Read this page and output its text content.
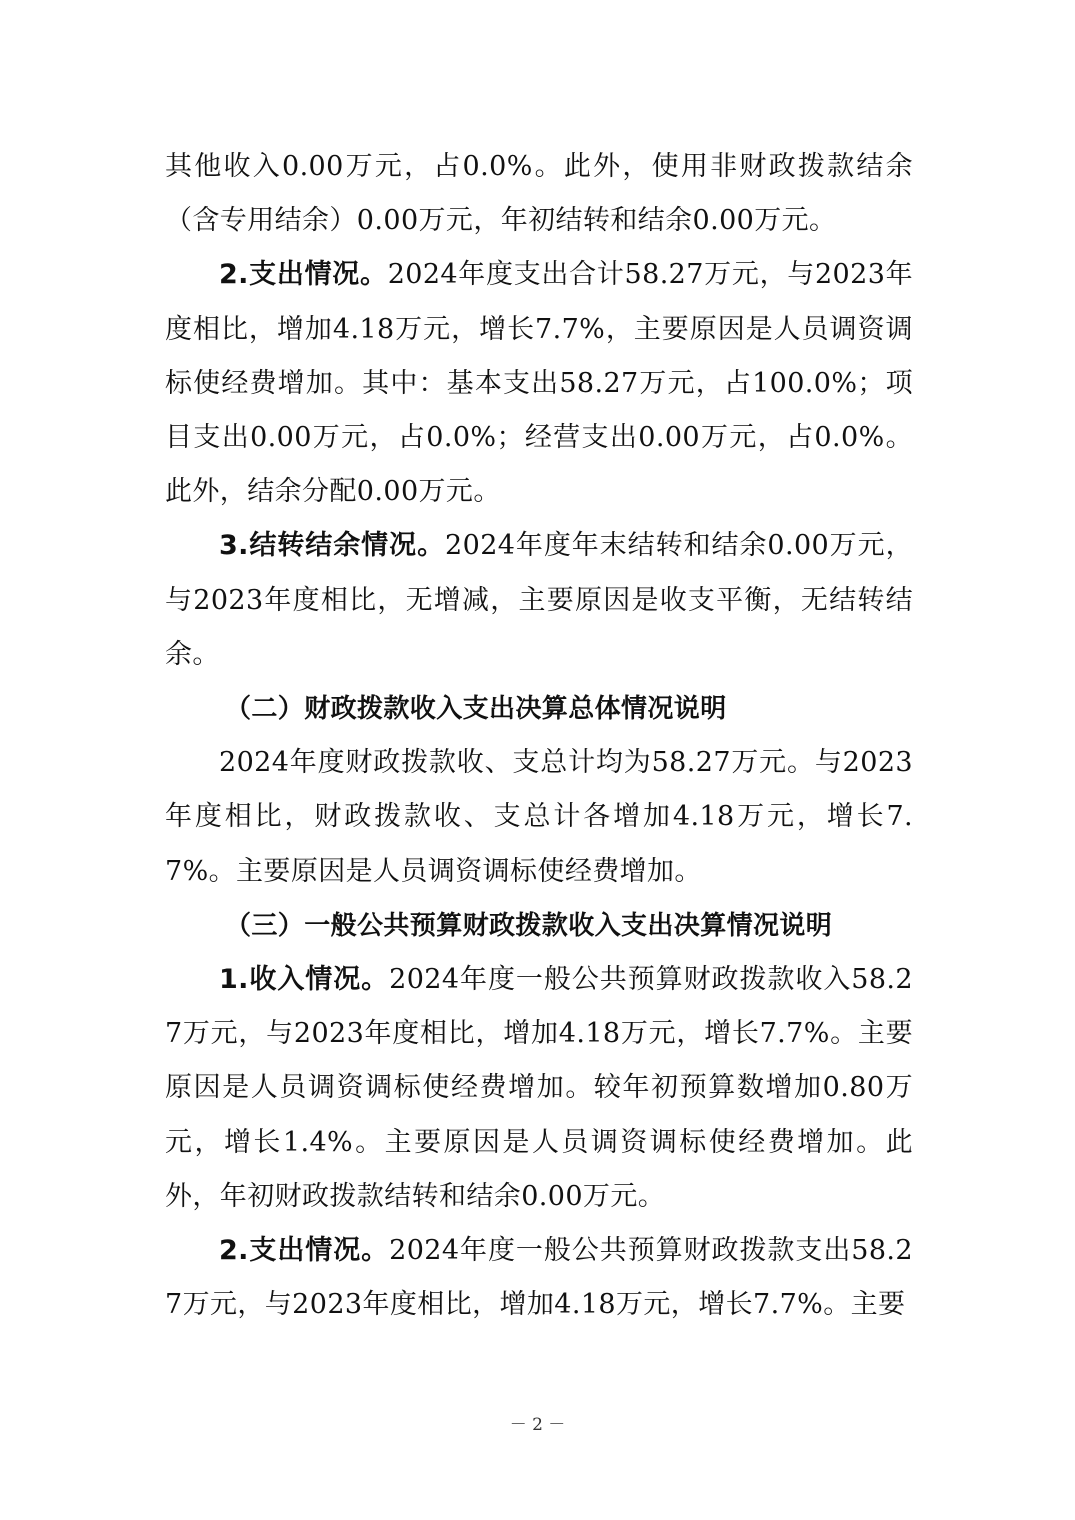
其他收入0.00万元，占0.0%。此外，使用非财政拨款结余（含专用结余）0.00万元，年初结转和结余0.00万元。

2.支出情况。2024年度支出合计58.27万元，与2023年度相比，增加4.18万元，增长7.7%，主要原因是人员调资调标使经费增加。其中：基本支出58.27万元，占100.0%；项目支出0.00万元，占0.0%；经营支出0.00万元，占0.0%。此外，结余分配0.00万元。

3.结转结余情况。2024年度年末结转和结余0.00万元，与2023年度相比，无增减，主要原因是收支平衡，无结转结余。

（二）财政拨款收入支出决算总体情况说明

2024年度财政拨款收、支总计均为58.27万元。与2023年度相比，财政拨款收、支总计各增加4.18万元，增长7.7%。主要原因是人员调资调标使经费增加。

（三）一般公共预算财政拨款收入支出决算情况说明

1.收入情况。2024年度一般公共预算财政拨款收入58.27万元，与2023年度相比，增加4.18万元，增长7.7%。主要原因是人员调资调标使经费增加。较年初预算数增加0.80万元，增长1.4%。主要原因是人员调资调标使经费增加。此外，年初财政拨款结转和结余0.00万元。

2.支出情况。2024年度一般公共预算财政拨款支出58.27万元，与2023年度相比，增加4.18万元，增长7.7%。主要

－ 2 －
